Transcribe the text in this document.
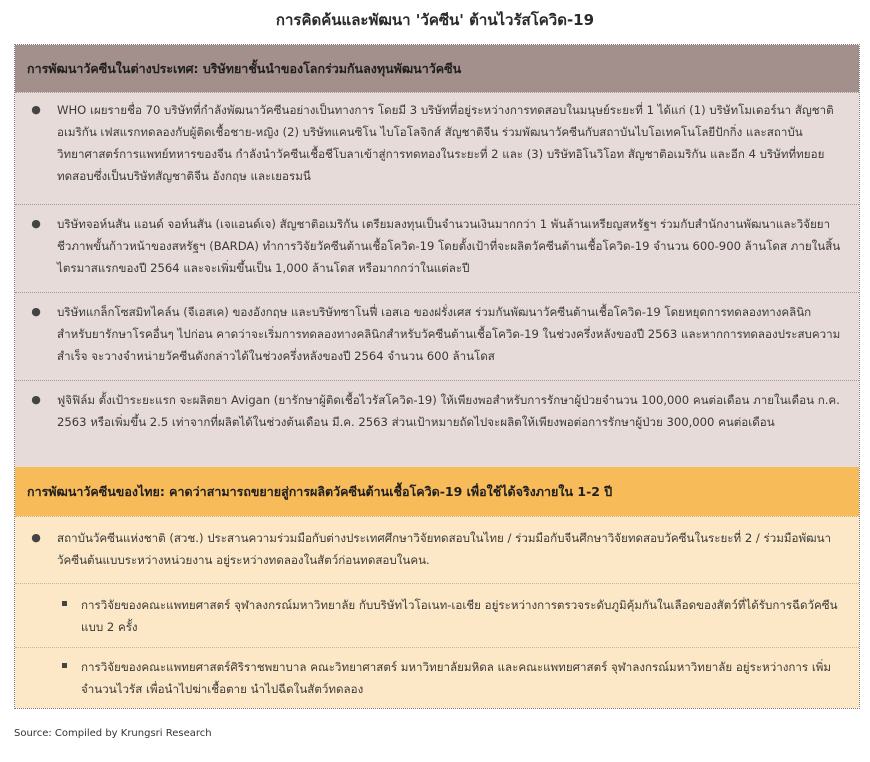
การคิดค้นและพัฒนา 'วัคซีน' ต้านไวรัสโควิด-19
การพัฒนาวัคซีนในต่างประเทศ: บริษัทยาชั้นนำของโลกร่วมกันลงทุนพัฒนาวัคซีน
●	WHO เผยรายชื่อ 70 บริษัทที่กำลังพัฒนาวัคซีนอย่างเป็นทางการ โดยมี 3 บริษัทที่อยู่ระหว่างการทดสอบในมนุษย์ระยะที่ 1 ได้แก่ (1) บริษัทโมเดอร์นา สัญชาติอเมริกัน เฟสแรกทดลองกับผู้ติดเชื้อชาย-หญิง (2) บริษัทแคนซิโน ไบโอโลจิกส์ สัญชาติจีน ร่วมพัฒนาวัคซีนกับสถาบันไบโอเทคโนโลยีปักกิ่ง และสถาบันวิทยาศาสตร์การแพทย์ทหารของจีน กำลังนำวัคซีนเชื้อชีโบลาเข้าสู่การทดทองในระยะที่ 2 และ (3) บริษัทอิโนวิโอท สัญชาติอเมริกัน และอีก 4 บริษัทที่ทยอยทดสอบซึ่งเป็นบริษัทสัญชาติจีน อังกฤษ และเยอรมนี
●	บริษัทจอห์นสัน แอนด์ จอห์นสัน (เจแอนด์เจ) สัญชาติอเมริกัน เตรียมลงทุนเป็นจำนวนเงินมากกว่า 1 พันล้านเหรียญสหรัฐฯ ร่วมกับสำนักงานพัฒนาและวิจัยยาชีวภาพขั้นก้าวหน้าของสหรัฐฯ (BARDA) ทำการวิจัยวัคซีนต้านเชื้อโควิด-19 โดยตั้งเป้าที่จะผลิตวัคซีนต้านเชื้อโควิด-19 จำนวน 600-900 ล้านโดส ภายในสิ้นไตรมาสแรกของปี 2564 และจะเพิ่มขึ้นเป็น 1,000 ล้านโดส หรือมากกว่าในแต่ละปี
●	บริษัทแกล็กโซสมิทไคล์น (จีเอสเค) ของอังกฤษ และบริษัทซาโนฟี่ เอสเอ ของฝรั่งเศส ร่วมกันพัฒนาวัคซีนต้านเชื้อโควิด-19 โดยหยุดการทดลองทางคลินิกสำหรับยารักษาโรคอื่นๆ ไปก่อน คาดว่าจะเริ่มการทดลองทางคลินิกสำหรับวัคซีนต้านเชื้อโควิด-19 ในช่วงครึ่งหลังของปี 2563 และหากการทดลองประสบความสำเร็จ จะวางจำหน่ายวัคซีนดังกล่าวได้ในช่วงครึ่งหลังของปี 2564 จำนวน 600 ล้านโดส
●	ฟูจิฟิล์ม ตั้งเป้าระยะแรก จะผลิตยา Avigan (ยารักษาผู้ติดเชื้อไวรัสโควิด-19) ให้เพียงพอสำหรับการรักษาผู้ป่วยจำนวน 100,000 คนต่อเดือน ภายในเดือน ก.ค. 2563 หรือเพิ่มขึ้น 2.5 เท่าจากที่ผลิตได้ในช่วงต้นเดือน มี.ค. 2563 ส่วนเป้าหมายถัดไปจะผลิตให้เพียงพอต่อการรักษาผู้ป่วย 300,000 คนต่อเดือน
การพัฒนาวัคซีนของไทย: คาดว่าสามารถขยายสู่การผลิตวัคซีนต้านเชื้อโควิด-19 เพื่อใช้ได้จริงภายใน 1-2 ปี
●	สถาบันวัคซีนแห่งชาติ (สวช.) ประสานความร่วมมือกับต่างประเทศศึกษาวิจัยทดสอบในไทย / ร่วมมือกับจีนศึกษาวิจัยทดสอบวัคซีนในระยะที่ 2 / ร่วมมือพัฒนาวัคซีนต้นแบบระหว่างหน่วยงาน อยู่ระหว่างทดลองในสัตว์ก่อนทดสอบในคน.
การวิจัยของคณะแพทยศาสตร์ จุฬาลงกรณ์มหาวิทยาลัย กับบริษัทไวโอเนท-เอเชีย อยู่ระหว่างการตรวจระดับภูมิคุ้มกันในเลือดของสัตว์ที่ได้รับการฉีดวัคซีนแบบ 2 ครั้ง
การวิจัยของคณะแพทยศาสตร์ศิริราชพยาบาล คณะวิทยาศาสตร์ มหาวิทยาลัยมหิดล และคณะแพทยศาสตร์ จุฬาลงกรณ์มหาวิทยาลัย อยู่ระหว่างการ เพิ่มจำนวนไวรัส เพื่อนำไปฆ่าเชื้อตาย นำไปฉีดในสัตว์ทดลอง
Source: Compiled by Krungsri Research
